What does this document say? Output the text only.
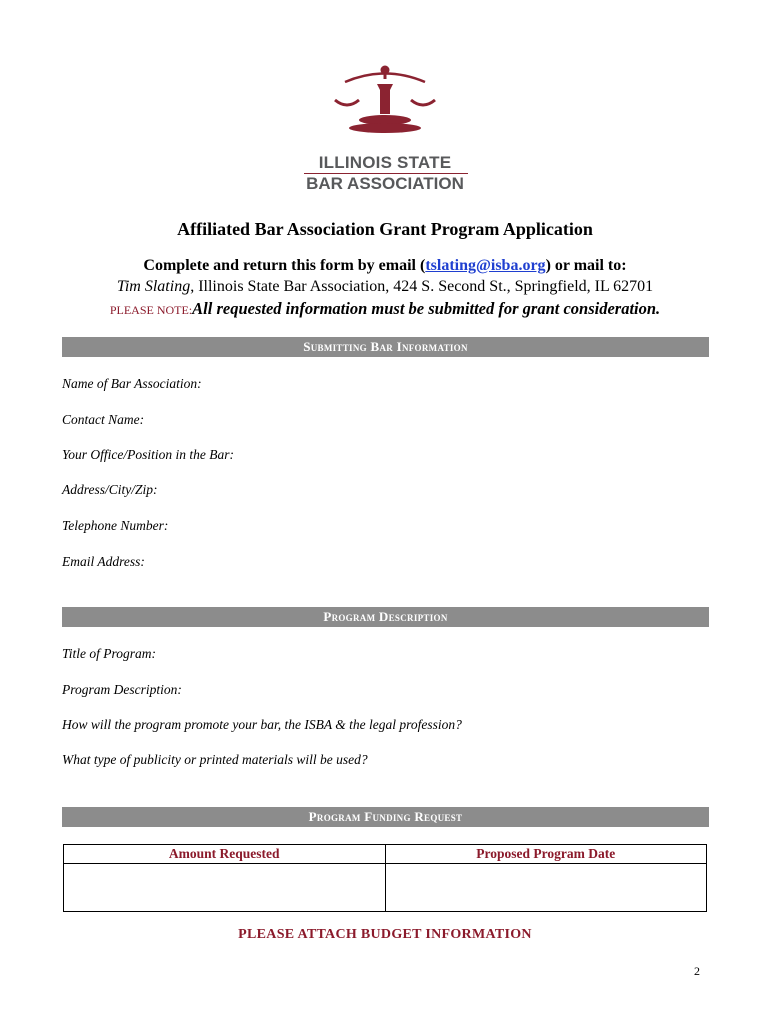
ILLINOIS STATE
BAR ASSOCIATION
Affiliated Bar Association Grant Program Application
Complete and return this form by email (tslating@isba.org) or mail to:
Tim Slating, Illinois State Bar Association, 424 S. Second St., Springfield, IL 62701
PLEASE NOTE:All requested information must be submitted for grant consideration.
Submitting Bar Information
Name of Bar Association:
Contact Name:
Your Office/Position in the Bar:
Address/City/Zip:
Telephone Number:
Email Address:
Program Description
Title of Program:
Program Description:
How will the program promote your bar, the ISBA & the legal profession?
What type of publicity or printed materials will be used?
Program Funding Request
Amount Requested	Proposed Program Date

PLEASE ATTACH BUDGET INFORMATION
2
